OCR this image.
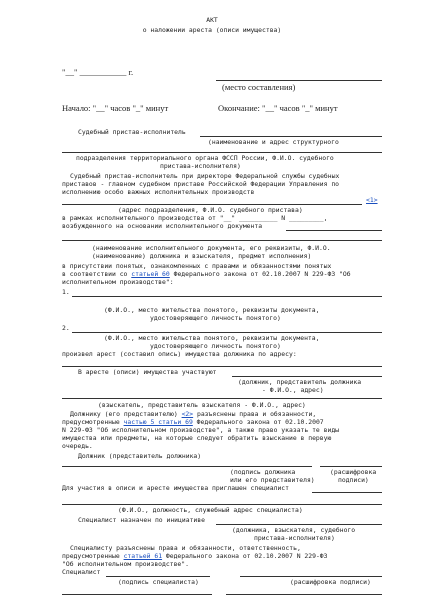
АКТ
о наложении ареста (описи имущества)
"__" ___________ г.
(место составления)
Начало: "__" часов "_" минут	Окончание: "__" часов "_" минут
Судебный пристав-исполнитель
(наименование и адрес структурного
подразделения территориального органа ФССП России, Ф.И.О. судебного
пристава-исполнителя)
Судебный пристав-исполнитель при директоре Федеральной службы судебных
приставов - главном судебном приставе Российской Федерации Управления по
исполнению особо важных исполнительных производств
<1>
(адрес подразделения, Ф.И.О. судебного пристава)
в рамках исполнительного производства от "__" __________ N _________,
возбужденного на основании исполнительного документа
(наименование исполнительного документа, его реквизиты, Ф.И.О.
(наименование) должника и взыскателя, предмет исполнения)
в присутствии понятых, ознакомленных с правами и обязанностями понятых
в соответствии со статьей 60 Федерального закона от 02.10.2007 N 229-ФЗ "Об
исполнительном производстве":
1.
(Ф.И.О., место жительства понятого, реквизиты документа,
удостоверяющего личность понятого)
2.
(Ф.И.О., место жительства понятого, реквизиты документа,
удостоверяющего личность понятого)
произвел арест (составил опись) имущества должника по адресу:
В аресте (описи) имущества участвуют
(должник, представитель должника
- Ф.И.О., адрес)
(взыскатель, представитель взыскателя - Ф.И.О., адрес)
Должнику (его представителю) <2> разъяснены права и обязанности,
предусмотренные частью 5 статьи 69 Федерального закона от 02.10.2007
N 229-ФЗ "Об исполнительном производстве", а также право указать те виды
имущества или предметы, на которые следует обратить взыскание в первую
очередь.
Должник (представитель должника)
(подпись должника	(расшифровка
или его представителя)	подписи)
Для участия в описи и аресте имущества приглашен специалист
(Ф.И.О., должность, служебный адрес специалиста)
Специалист назначен по инициативе
(должника, взыскателя, судебного
пристава-исполнителя)
Специалисту разъяснены права и обязанности, ответственность,
предусмотренные статьей 61 Федерального закона от 02.10.2007 N 229-ФЗ
"Об исполнительном производстве".
Специалист
(подпись специалиста)	(расшифровка подписи)
